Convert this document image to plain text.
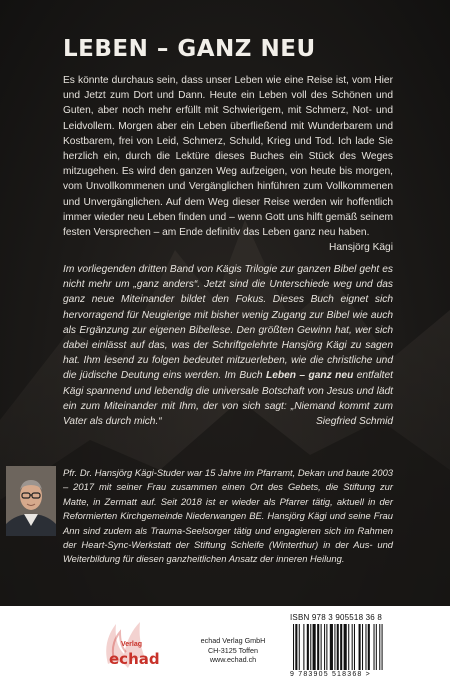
LEBEN – GANZ NEU
Es könnte durchaus sein, dass unser Leben wie eine Reise ist, vom Hier und Jetzt zum Dort und Dann. Heute ein Leben voll des Schönen und Guten, aber noch mehr erfüllt mit Schwierigem, mit Schmerz, Not- und Leidvollem. Morgen aber ein Leben überfließend mit Wunderbarem und Kostbarem, frei von Leid, Schmerz, Schuld, Krieg und Tod. Ich lade Sie herzlich ein, durch die Lektüre dieses Buches ein Stück des Weges mitzugehen. Es wird den ganzen Weg aufzeigen, von heute bis morgen, vom Unvollkommenen und Vergänglichen hinführen zum Vollkommenen und Unvergänglichen. Auf dem Weg dieser Reise werden wir hoffentlich immer wieder neu Leben finden und – wenn Gott uns hilft gemäß seinem festen Versprechen – am Ende definitiv das Leben ganz neu haben.
Hansjörg Kägi
Im vorliegenden dritten Band von Kägis Trilogie zur ganzen Bibel geht es nicht mehr um „ganz anders“. Jetzt sind die Unterschiede weg und das ganz neue Miteinander bildet den Fokus. Dieses Buch eignet sich hervorragend für Neugierige mit bisher wenig Zugang zur Bibel wie auch als Ergänzung zur eigenen Bibellese. Den größten Gewinn hat, wer sich dabei einlässt auf das, was der Schriftgelehrte Hansjörg Kägi zu sagen hat. Ihm lesend zu folgen bedeutet mitzuerleben, wie die christliche und die jüdische Deutung eins werden. Im Buch Leben – ganz neu entfaltet Kägi spannend und lebendig die universale Botschaft von Jesus und lädt ein zum Miteinander mit Ihm, der von sich sagt: „Niemand kommt zum Vater als durch mich.“	Siegfried Schmid
Pfr. Dr. Hansjörg Kägi-Studer war 15 Jahre im Pfarramt, Dekan und baute 2003 – 2017 mit seiner Frau zusammen einen Ort des Gebets, die Stiftung zur Matte, in Zermatt auf. Seit 2018 ist er wieder als Pfarrer tätig, aktuell in der Reformierten Kirchgemeinde Niederwangen BE. Hansjörg Kägi und seine Frau Ann sind zudem als Trauma-Seelsorger tätig und engagieren sich im Rahmen der Heart-Sync-Werkstatt der Stiftung Schleife (Winterthur) in der Aus- und Weiterbildung für diesen ganzheitlichen Ansatz der inneren Heilung.
Verlag
echad
echad Verlag GmbH
CH-3125 Toffen
www.echad.ch
ISBN 978 3 905518 36 8
9 783905 518368 >
